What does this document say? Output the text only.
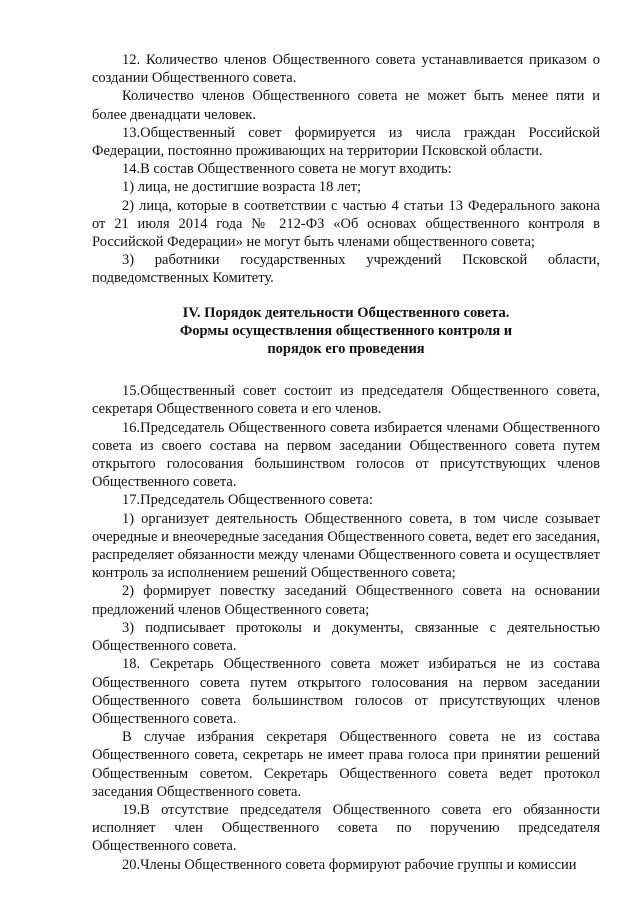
12. Количество членов Общественного совета устанавливается приказом о создании Общественного совета.

Количество членов Общественного совета не может быть менее пяти и более двенадцати человек.

13.Общественный совет формируется из числа граждан Российской Федерации, постоянно проживающих на территории Псковской области.

14.В состав Общественного совета не могут входить:

1) лица, не достигшие возраста 18 лет;

2) лица, которые в соответствии с частью 4 статьи 13 Федерального закона от 21 июля 2014 года № 212-ФЗ «Об основах общественного контроля в Российской Федерации» не могут быть членами общественного совета;

3) работники государственных учреждений Псковской области, подведомственных Комитету.

IV. Порядок деятельности Общественного совета.
Формы осуществления общественного контроля и
порядок его проведения

15.Общественный совет состоит из председателя Общественного совета, секретаря Общественного совета и его членов.

16.Председатель Общественного совета избирается членами Общественного совета из своего состава на первом заседании Общественного совета путем открытого голосования большинством голосов от присутствующих членов Общественного совета.

17.Председатель Общественного совета:

1) организует деятельность Общественного совета, в том числе созывает очередные и внеочередные заседания Общественного совета, ведет его заседания, распределяет обязанности между членами Общественного совета и осуществляет контроль за исполнением решений Общественного совета;

2) формирует повестку заседаний Общественного совета на основании предложений членов Общественного совета;

3) подписывает протоколы и документы, связанные с деятельностью Общественного совета.

18. Секретарь Общественного совета может избираться не из состава Общественного совета путем открытого голосования на первом заседании Общественного совета большинством голосов от присутствующих членов Общественного совета.

В случае избрания секретаря Общественного совета не из состава Общественного совета, секретарь не имеет права голоса при принятии решений Общественным советом. Секретарь Общественного совета ведет протокол заседания Общественного совета.

19.В отсутствие председателя Общественного совета его обязанности исполняет член Общественного совета по поручению председателя Общественного совета.

20.Члены Общественного совета формируют рабочие группы и комиссии
